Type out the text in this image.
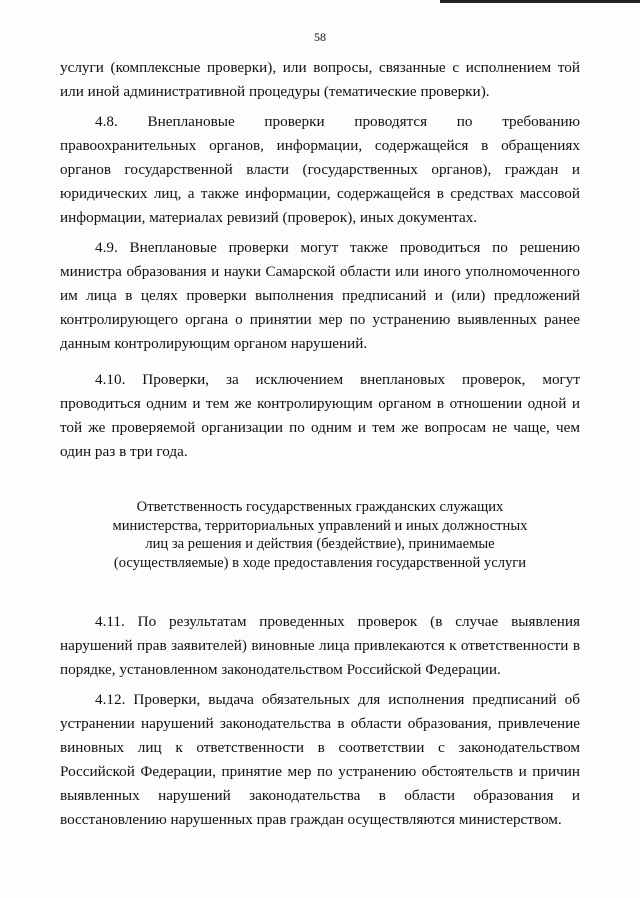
58

услуги (комплексные проверки), или вопросы, связанные с исполнением той или иной административной процедуры (тематические проверки).

4.8. Внеплановые проверки проводятся по требованию правоохранительных органов, информации, содержащейся в обращениях органов государственной власти (государственных органов), граждан и юридических лиц, а также информации, содержащейся в средствах массовой информации, материалах ревизий (проверок), иных документах.

4.9. Внеплановые проверки могут также проводиться по решению министра образования и науки Самарской области или иного уполномоченного им лица в целях проверки выполнения предписаний и (или) предложений контролирующего органа о принятии мер по устранению выявленных ранее данным контролирующим органом нарушений.

4.10. Проверки, за исключением внеплановых проверок, могут проводиться одним и тем же контролирующим органом в отношении одной и той же проверяемой организации по одним и тем же вопросам не чаще, чем один раз в три года.

Ответственность государственных гражданских служащих министерства, территориальных управлений и иных должностных лиц за решения и действия (бездействие), принимаемые (осуществляемые) в ходе предоставления государственной услуги

4.11. По результатам проведенных проверок (в случае выявления нарушений прав заявителей) виновные лица привлекаются к ответственности в порядке, установленном законодательством Российской Федерации.

4.12. Проверки, выдача обязательных для исполнения предписаний об устранении нарушений законодательства в области образования, привлечение виновных лиц к ответственности в соответствии с законодательством Российской Федерации, принятие мер по устранению обстоятельств и причин выявленных нарушений законодательства в области образования и восстановлению нарушенных прав граждан осуществляются министерством.
